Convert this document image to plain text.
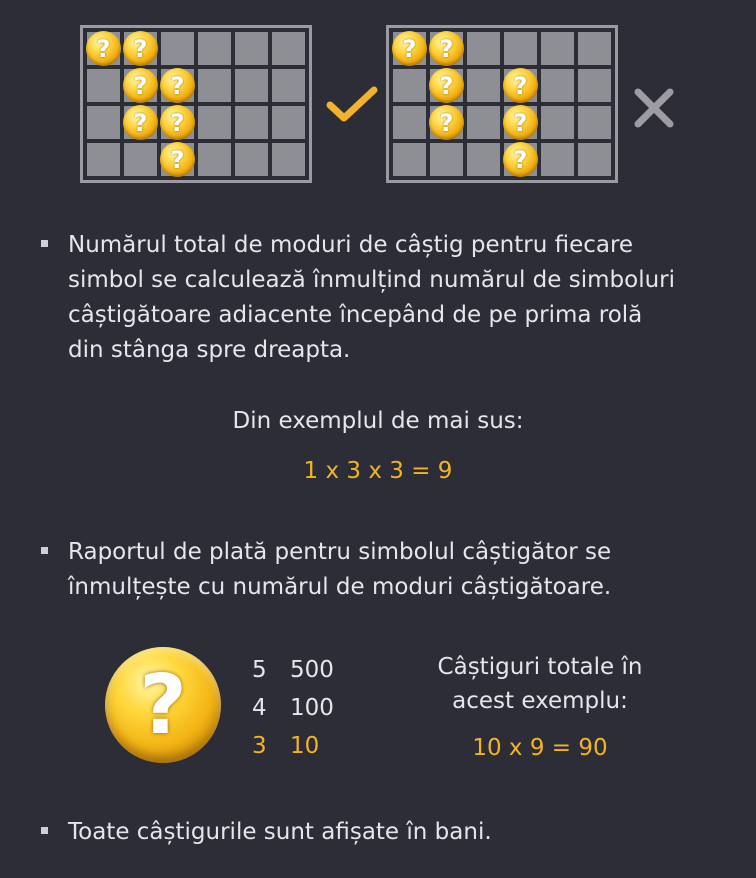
? ?
? ?
? ?
?
? ?
?	?
?	?
?
Numărul total de moduri de câștig pentru fiecare
simbol se calculează înmulțind numărul de simboluri
câștigătoare adiacente începând de pe prima rolă
din stânga spre dreapta.
Din exemplul de mai sus:
1 x 3 x 3 = 9
Raportul de plată pentru simbolul câștigător se
înmulțește cu numărul de moduri câștigătoare.
?	5 500
4 100
3 10
Câștiguri totale în
acest exemplu:
10 x 9 = 90
Toate câștigurile sunt afișate în bani.
